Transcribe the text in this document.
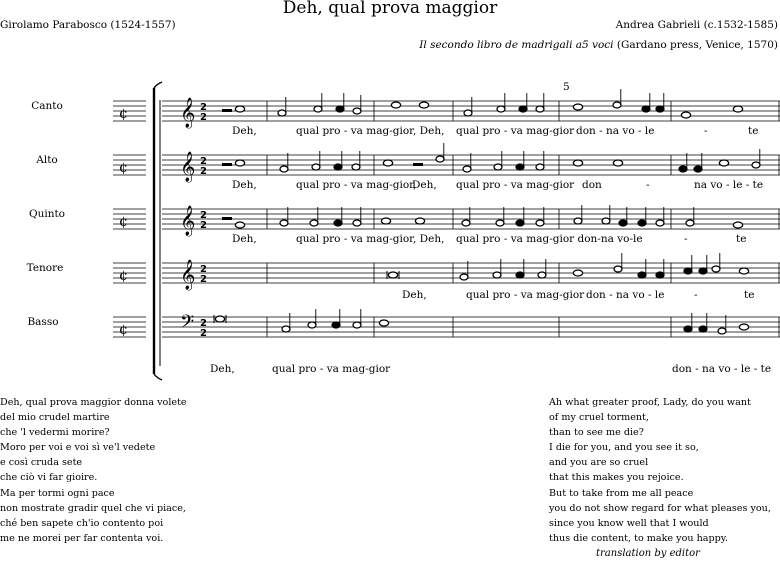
Deh, qual prova maggior
Girolamo Parabosco (1524-1557)	Andrea Gabrieli (c.1532-1585)
Il secondo libro de madrigali a5 voci (Gardano press, Venice, 1570)
¢ 𝄞 2
2
¢ 𝄞 2
2
¢ 𝄞 2
2
¢ 𝄞 2
2
¢ 𝄢 2
2
Canto
Alto
Quinto
Tenore
Basso
5
Deh,	qual pro - va mag-gior, Deh, qual pro - va mag-gior don - na vo - le	-	te
Deh,	qual pro - va mag-gior,
Deh, qual pro - va mag-gior don	-	na vo - le - te
Deh,	qual pro - va mag-gior, Deh, qual pro - va mag-gior don-na vo-le	-	te
Deh,	qual pro - va mag-gior don - na vo - le	-	te
Deh,	qual pro - va mag-gior	don - na vo - le - te
Deh, qual prova maggior donna volete
del mio crudel martire
che 'l vedermi morire?
Moro per voi e voi sì ve'l vedete
e così cruda sete
che ciò vi far gioire.
Ma per tormi ogni pace
non mostrate gradir quel che vi piace,
ché ben sapete ch'io contento poi
me ne morei per far contenta voi.
Ah what greater proof, Lady, do you want
of my cruel torment,
than to see me die?
I die for you, and you see it so,
and you are so cruel
that this makes you rejoice.
But to take from me all peace
you do not show regard for what pleases you,
since you know well that I would
thus die content, to make you happy.
translation by editor
